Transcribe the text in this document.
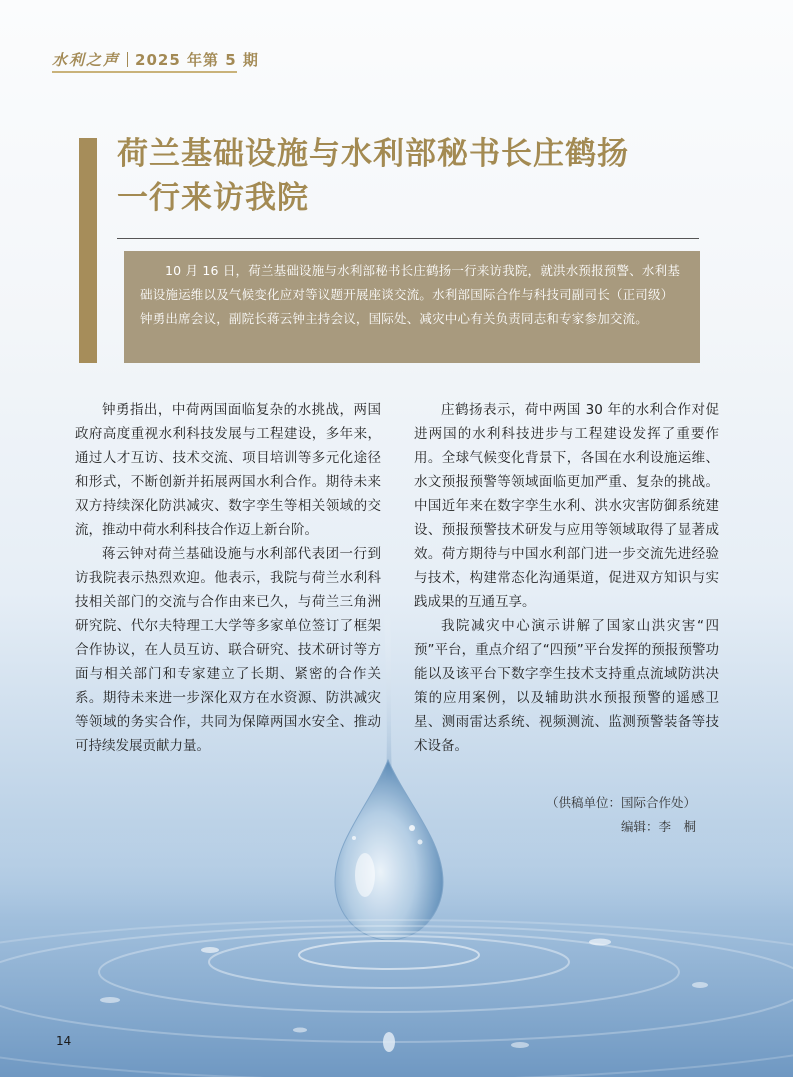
水利之声 2025 年第 5 期
荷兰基础设施与水利部秘书长庄鹤扬
一行来访我院

10 月 16 日，荷兰基础设施与水利部秘书长庄鹤扬一行来访我院，就洪水预报预警、水利基础设施运维以及气候变化应对等议题开展座谈交流。水利部国际合作与科技司副司长（正司级）钟勇出席会议，副院长蒋云钟主持会议，国际处、减灾中心有关负责同志和专家参加交流。

钟勇指出，中荷两国面临复杂的水挑战，两国政府高度重视水利科技发展与工程建设，多年来，通过人才互访、技术交流、项目培训等多元化途径和形式，不断创新并拓展两国水利合作。期待未来双方持续深化防洪减灾、数字孪生等相关领域的交流，推动中荷水利科技合作迈上新台阶。

蒋云钟对荷兰基础设施与水利部代表团一行到访我院表示热烈欢迎。他表示，我院与荷兰水利科技相关部门的交流与合作由来已久，与荷兰三角洲研究院、代尔夫特理工大学等多家单位签订了框架合作协议，在人员互访、联合研究、技术研讨等方面与相关部门和专家建立了长期、紧密的合作关系。期待未来进一步深化双方在水资源、防洪减灾等领域的务实合作，共同为保障两国水安全、推动可持续发展贡献力量。

庄鹤扬表示，荷中两国 30 年的水利合作对促进两国的水利科技进步与工程建设发挥了重要作用。全球气候变化背景下，各国在水利设施运维、水文预报预警等领域面临更加严重、复杂的挑战。中国近年来在数字孪生水利、洪水灾害防御系统建设、预报预警技术研发与应用等领域取得了显著成效。荷方期待与中国水利部门进一步交流先进经验与技术，构建常态化沟通渠道，促进双方知识与实践成果的互通互享。

我院减灾中心演示讲解了国家山洪灾害“四预”平台，重点介绍了“四预”平台发挥的预报预警功能以及该平台下数字孪生技术支持重点流域防洪决策的应用案例，以及辅助洪水预报预警的遥感卫星、测雨雷达系统、视频测流、监测预警装备等技术设备。

（供稿单位：国际合作处）
编辑：李　桐
14
